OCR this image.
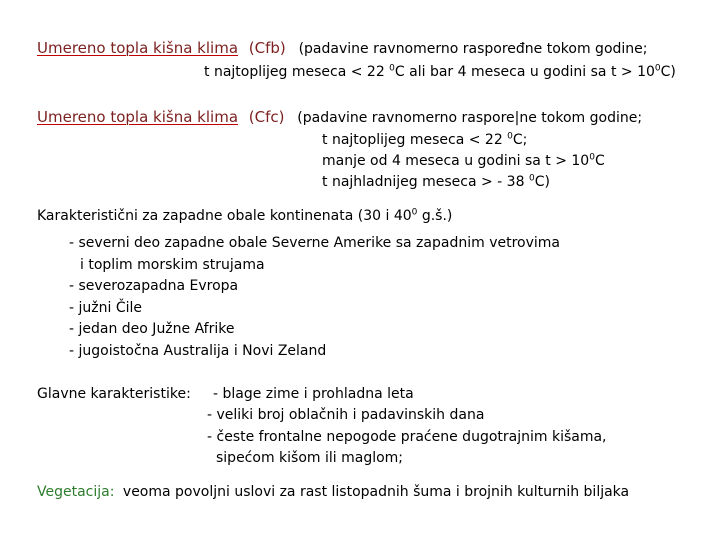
Umereno topla kišna klima (Cfb) (padavine ravnomerno raspoređne tokom godine;
t najtoplijeg meseca < 22 $^0$C ali bar 4 meseca u godini sa $t > 10^0C$)
Umereno topla kišna klima (Cfc) (padavine ravnomerno raspore|ne tokom godine;
t najtoplijeg meseca < 22 $^0$C;
manje od 4 meseca u godini sa $t > 10^0C$
t najhladnijeg meseca > - 38 $^0$C)
Karakteristični za zapadne obale kontinenata (30 i $40^0$ g.š.)
- severni deo zapadne obale Severne Amerike sa zapadnim vetrovima
i toplim morskim strujama
- severozapadna Evropa
- južni Čile
- jedan deo Južne Afrike
- jugoistočna Australija i Novi Zeland
Glavne karakteristike: - blage zime i prohladna leta
- veliki broj oblačnih i padavinskih dana
- česte frontalne nepogode praćene dugotrajnim kišama,
sipećom kišom ili maglom;
Vegetacija: veoma povoljni uslovi za rast listopadnih šuma i brojnih kulturnih biljaka
